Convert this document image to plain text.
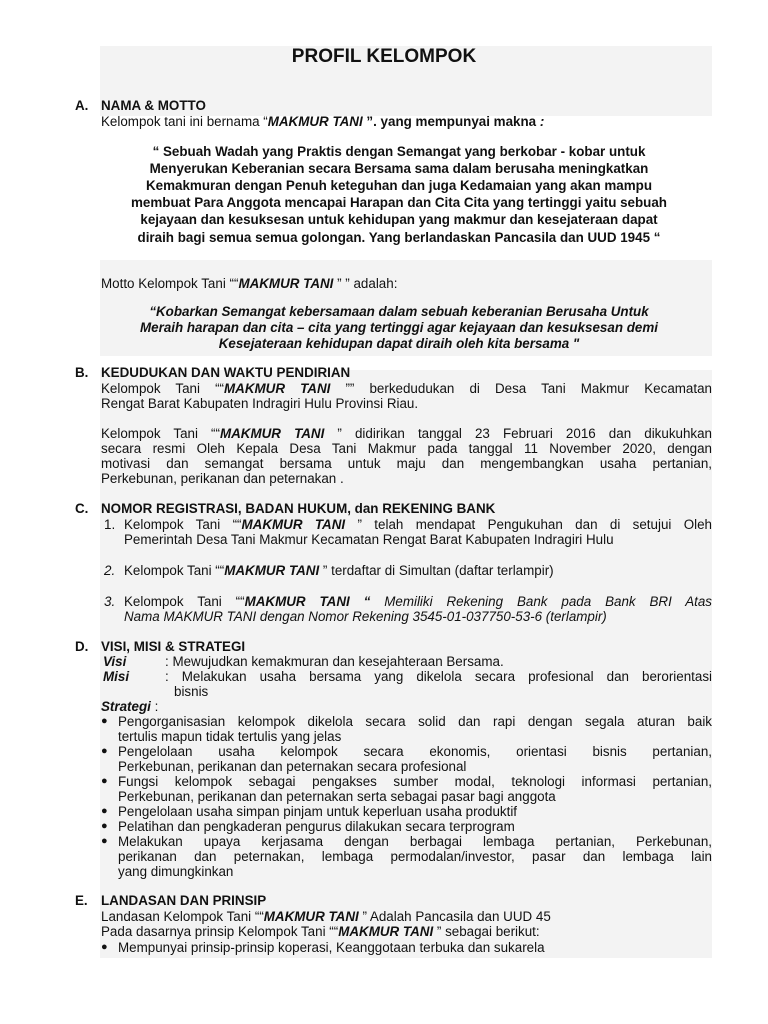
PROFIL KELOMPOK
A. NAMA & MOTTO
Kelompok tani ini bernama “MAKMUR TANI ”. yang mempunyai makna :
“ Sebuah Wadah yang Praktis dengan Semangat yang berkobar - kobar untuk
Menyerukan Keberanian secara Bersama sama dalam berusaha meningkatkan
Kemakmuran dengan Penuh keteguhan dan juga Kedamaian yang akan mampu
membuat Para Anggota mencapai Harapan dan Cita Cita yang tertinggi yaitu sebuah
kejayaan dan kesuksesan untuk kehidupan yang makmur dan kesejateraan dapat
diraih bagi semua semua golongan. Yang berlandaskan Pancasila dan UUD 1945 “
Motto Kelompok Tani ““MAKMUR TANI ” ” adalah:
“Kobarkan Semangat kebersamaan dalam sebuah keberanian Berusaha Untuk
Meraih harapan dan cita – cita yang tertinggi agar kejayaan dan kesuksesan demi
Kesejateraan kehidupan dapat diraih oleh kita bersama "
B. KEDUDUKAN DAN WAKTU PENDIRIAN
Kelompok Tani ““MAKMUR TANI ”” berkedudukan di Desa Tani Makmur Kecamatan
Rengat Barat Kabupaten Indragiri Hulu Provinsi Riau.
Kelompok Tani ““MAKMUR TANI ” didirikan tanggal 23 Februari 2016 dan dikukuhkan
secara resmi Oleh Kepala Desa Tani Makmur pada tanggal 11 November 2020, dengan
motivasi dan semangat bersama untuk maju dan mengembangkan usaha pertanian,
Perkebunan, perikanan dan peternakan .
C. NOMOR REGISTRASI, BADAN HUKUM, dan REKENING BANK
1. Kelompok Tani ““MAKMUR TANI ” telah mendapat Pengukuhan dan di setujui Oleh
Pemerintah Desa Tani Makmur Kecamatan Rengat Barat Kabupaten Indragiri Hulu
2. Kelompok Tani ““MAKMUR TANI ” terdaftar di Simultan (daftar terlampir)
3. Kelompok Tani ““MAKMUR TANI “ Memiliki Rekening Bank pada Bank BRI Atas
Nama MAKMUR TANI dengan Nomor Rekening 3545-01-037750-53-6 (terlampir)
D. VISI, MISI & STRATEGI
Visi	: Mewujudkan kemakmuran dan kesejahteraan Bersama.
Misi	: Melakukan usaha bersama yang dikelola secara profesional dan berorientasi
bisnis
Strategi :
● Pengorganisasian kelompok dikelola secara solid dan rapi dengan segala aturan baik
tertulis mapun tidak tertulis yang jelas
● Pengelolaan usaha kelompok secara ekonomis, orientasi bisnis pertanian,
Perkebunan, perikanan dan peternakan secara profesional
● Fungsi kelompok sebagai pengakses sumber modal, teknologi informasi pertanian,
Perkebunan, perikanan dan peternakan serta sebagai pasar bagi anggota
● Pengelolaan usaha simpan pinjam untuk keperluan usaha produktif
● Pelatihan dan pengkaderan pengurus dilakukan secara terprogram
● Melakukan upaya kerjasama dengan berbagai lembaga pertanian, Perkebunan,
perikanan dan peternakan, lembaga permodalan/investor, pasar dan lembaga lain
yang dimungkinkan
E. LANDASAN DAN PRINSIP
Landasan Kelompok Tani ““MAKMUR TANI ” Adalah Pancasila dan UUD 45
Pada dasarnya prinsip Kelompok Tani ““MAKMUR TANI ” sebagai berikut:
● Mempunyai prinsip-prinsip koperasi, Keanggotaan terbuka dan sukarela
